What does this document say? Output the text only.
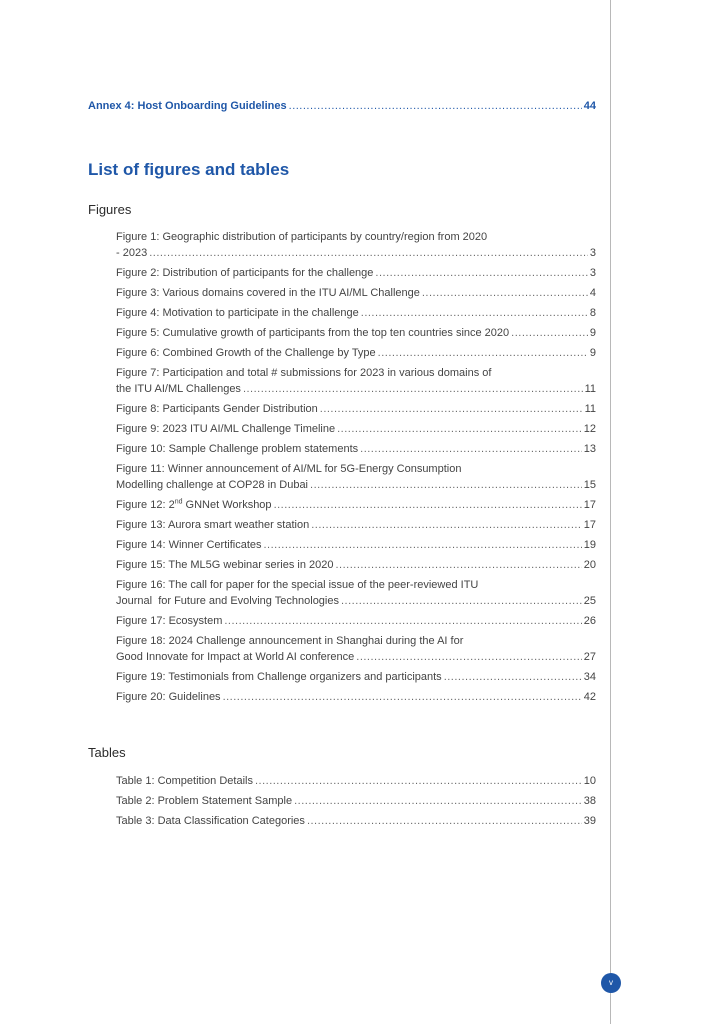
Annex 4: Host Onboarding Guidelines .....	44
List of figures and tables
Figures
Figure 1: Geographic distribution of participants by country/region from 2020
- 2023 .....	3
Figure 2: Distribution of participants for the challenge .....	3
Figure 3: Various domains covered in the ITU AI/ML Challenge .....	4
Figure 4: Motivation to participate in the challenge .....	8
Figure 5: Cumulative growth of participants from the top ten countries since 2020 .....	9
Figure 6: Combined Growth of the Challenge by Type .....	9
Figure 7: Participation and total # submissions for 2023 in various domains of
the ITU AI/ML Challenges .....	11
Figure 8: Participants Gender Distribution .....	11
Figure 9: 2023 ITU AI/ML Challenge Timeline .....	12
Figure 10: Sample Challenge problem statements .....	13
Figure 11: Winner announcement of AI/ML for 5G-Energy Consumption
Modelling challenge at COP28 in Dubai .....	15
Figure 12: 2nd GNNet Workshop .....	17
Figure 13: Aurora smart weather station .....	17
Figure 14: Winner Certificates .....	19
Figure 15: The ML5G webinar series in 2020 .....	20
Figure 16: The call for paper for the special issue of the peer-reviewed ITU
Journal  for Future and Evolving Technologies .....	25
Figure 17: Ecosystem .....	26
Figure 18: 2024 Challenge announcement in Shanghai during the AI for
Good Innovate for Impact at World AI conference .....	27
Figure 19: Testimonials from Challenge organizers and participants .....	34
Figure 20: Guidelines .....	42
Tables
Table 1: Competition Details .....	10
Table 2: Problem Statement Sample .....	38
Table 3: Data Classification Categories .....	39
v
